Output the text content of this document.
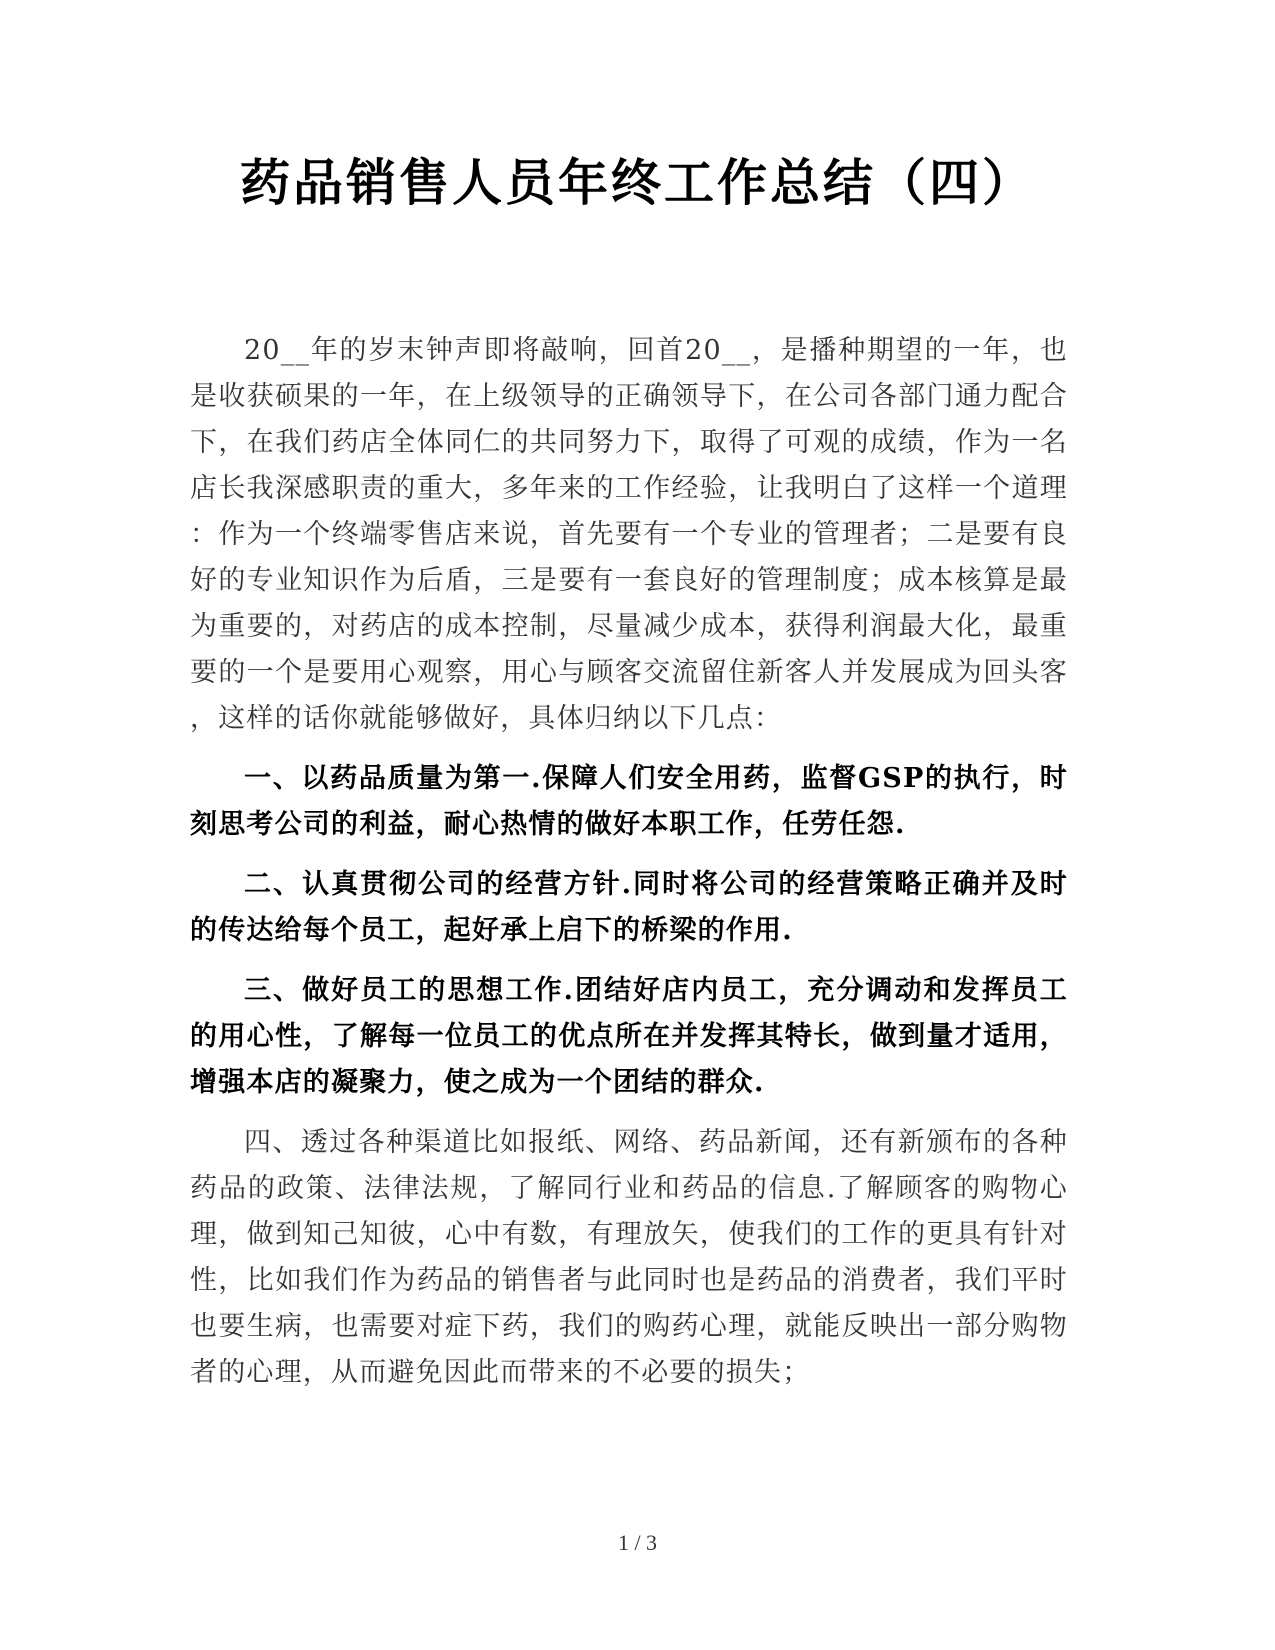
药品销售人员年终工作总结（四）

20__年的岁末钟声即将敲响，回首20__，是播种期望的一年，也是收获硕果的一年，在上级领导的正确领导下，在公司各部门通力配合下，在我们药店全体同仁的共同努力下，取得了可观的成绩，作为一名店长我深感职责的重大，多年来的工作经验，让我明白了这样一个道理：作为一个终端零售店来说，首先要有一个专业的管理者；二是要有良好的专业知识作为后盾，三是要有一套良好的管理制度；成本核算是最为重要的，对药店的成本控制，尽量减少成本，获得利润最大化，最重要的一个是要用心观察，用心与顾客交流留住新客人并发展成为回头客，这样的话你就能够做好，具体归纳以下几点：

一、以药品质量为第一.保障人们安全用药，监督GSP的执行，时刻思考公司的利益，耐心热情的做好本职工作，任劳任怨.

二、认真贯彻公司的经营方针.同时将公司的经营策略正确并及时的传达给每个员工，起好承上启下的桥梁的作用.

三、做好员工的思想工作.团结好店内员工，充分调动和发挥员工的用心性，了解每一位员工的优点所在并发挥其特长，做到量才适用，增强本店的凝聚力，使之成为一个团结的群众.

四、透过各种渠道比如报纸、网络、药品新闻，还有新颁布的各种药品的政策、法律法规，了解同行业和药品的信息.了解顾客的购物心理，做到知己知彼，心中有数，有理放矢，使我们的工作的更具有针对性，比如我们作为药品的销售者与此同时也是药品的消费者，我们平时也要生病，也需要对症下药，我们的购药心理，就能反映出一部分购物者的心理，从而避免因此而带来的不必要的损失；

1 / 3
